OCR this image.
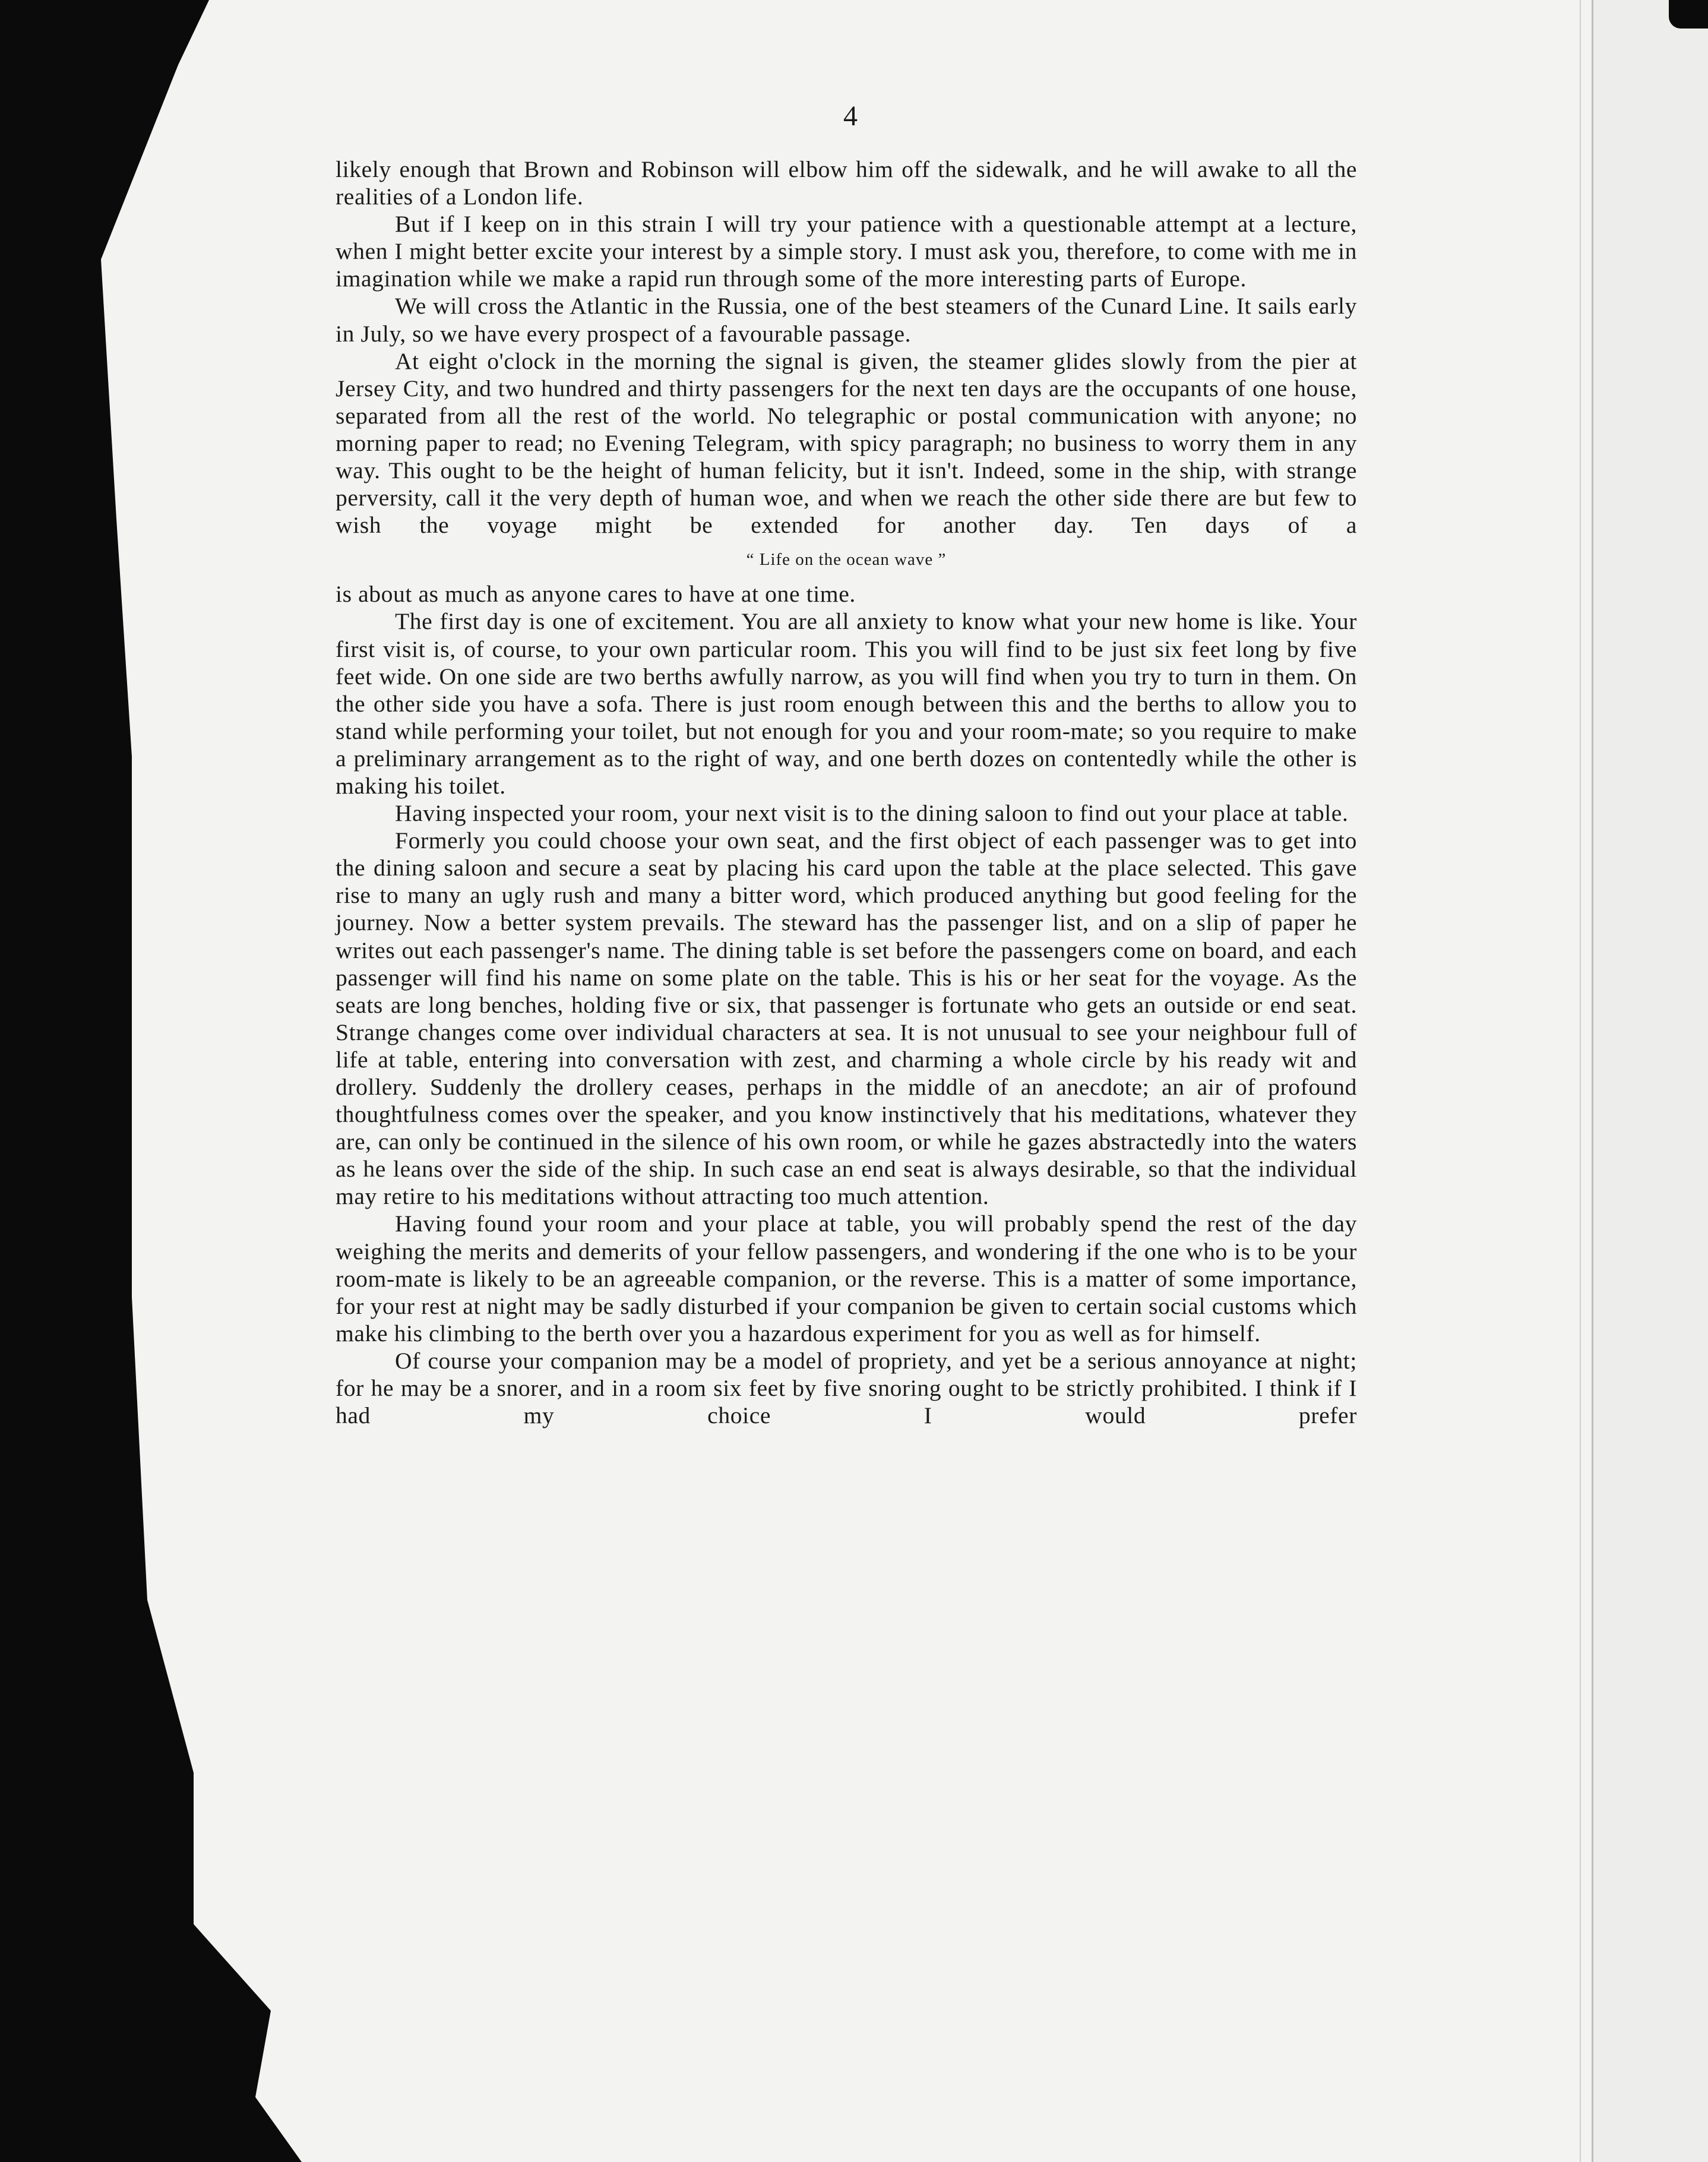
4

likely enough that Brown and Robinson will elbow him off the sidewalk, and he will awake to all the realities of a London life.

But if I keep on in this strain I will try your patience with a questionable attempt at a lecture, when I might better excite your interest by a simple story. I must ask you, therefore, to come with me in imagination while we make a rapid run through some of the more interesting parts of Europe.

We will cross the Atlantic in the Russia, one of the best steamers of the Cunard Line. It sails early in July, so we have every prospect of a favourable passage.

At eight o'clock in the morning the signal is given, the steamer glides slowly from the pier at Jersey City, and two hundred and thirty passengers for the next ten days are the occupants of one house, separated from all the rest of the world. No telegraphic or postal communication with anyone; no morning paper to read; no Evening Telegram, with spicy paragraph; no business to worry them in any way. This ought to be the height of human felicity, but it isn't. Indeed, some in the ship, with strange perversity, call it the very depth of human woe, and when we reach the other side there are but few to wish the voyage might be extended for another day. Ten days of a

“ Life on the ocean wave ”

is about as much as anyone cares to have at one time.

The first day is one of excitement. You are all anxiety to know what your new home is like. Your first visit is, of course, to your own particular room. This you will find to be just six feet long by five feet wide. On one side are two berths awfully narrow, as you will find when you try to turn in them. On the other side you have a sofa. There is just room enough between this and the berths to allow you to stand while performing your toilet, but not enough for you and your room-mate; so you require to make a preliminary arrangement as to the right of way, and one berth dozes on contentedly while the other is making his toilet.

Having inspected your room, your next visit is to the dining saloon to find out your place at table.

Formerly you could choose your own seat, and the first object of each passenger was to get into the dining saloon and secure a seat by placing his card upon the table at the place selected. This gave rise to many an ugly rush and many a bitter word, which produced anything but good feeling for the journey. Now a better system prevails. The steward has the passenger list, and on a slip of paper he writes out each passenger's name. The dining table is set before the passengers come on board, and each passenger will find his name on some plate on the table. This is his or her seat for the voyage. As the seats are long benches, holding five or six, that passenger is fortunate who gets an outside or end seat. Strange changes come over individual characters at sea. It is not unusual to see your neighbour full of life at table, entering into conversation with zest, and charming a whole circle by his ready wit and drollery. Suddenly the drollery ceases, perhaps in the middle of an anecdote; an air of profound thoughtfulness comes over the speaker, and you know instinctively that his meditations, whatever they are, can only be continued in the silence of his own room, or while he gazes abstractedly into the waters as he leans over the side of the ship. In such case an end seat is always desirable, so that the individual may retire to his meditations without attracting too much attention.

Having found your room and your place at table, you will probably spend the rest of the day weighing the merits and demerits of your fellow passengers, and wondering if the one who is to be your room-mate is likely to be an agreeable companion, or the reverse. This is a matter of some importance, for your rest at night may be sadly disturbed if your companion be given to certain social customs which make his climbing to the berth over you a hazardous experiment for you as well as for himself.

Of course your companion may be a model of propriety, and yet be a serious annoyance at night; for he may be a snorer, and in a room six feet by five snoring ought to be strictly prohibited. I think if I had my choice I would prefer
